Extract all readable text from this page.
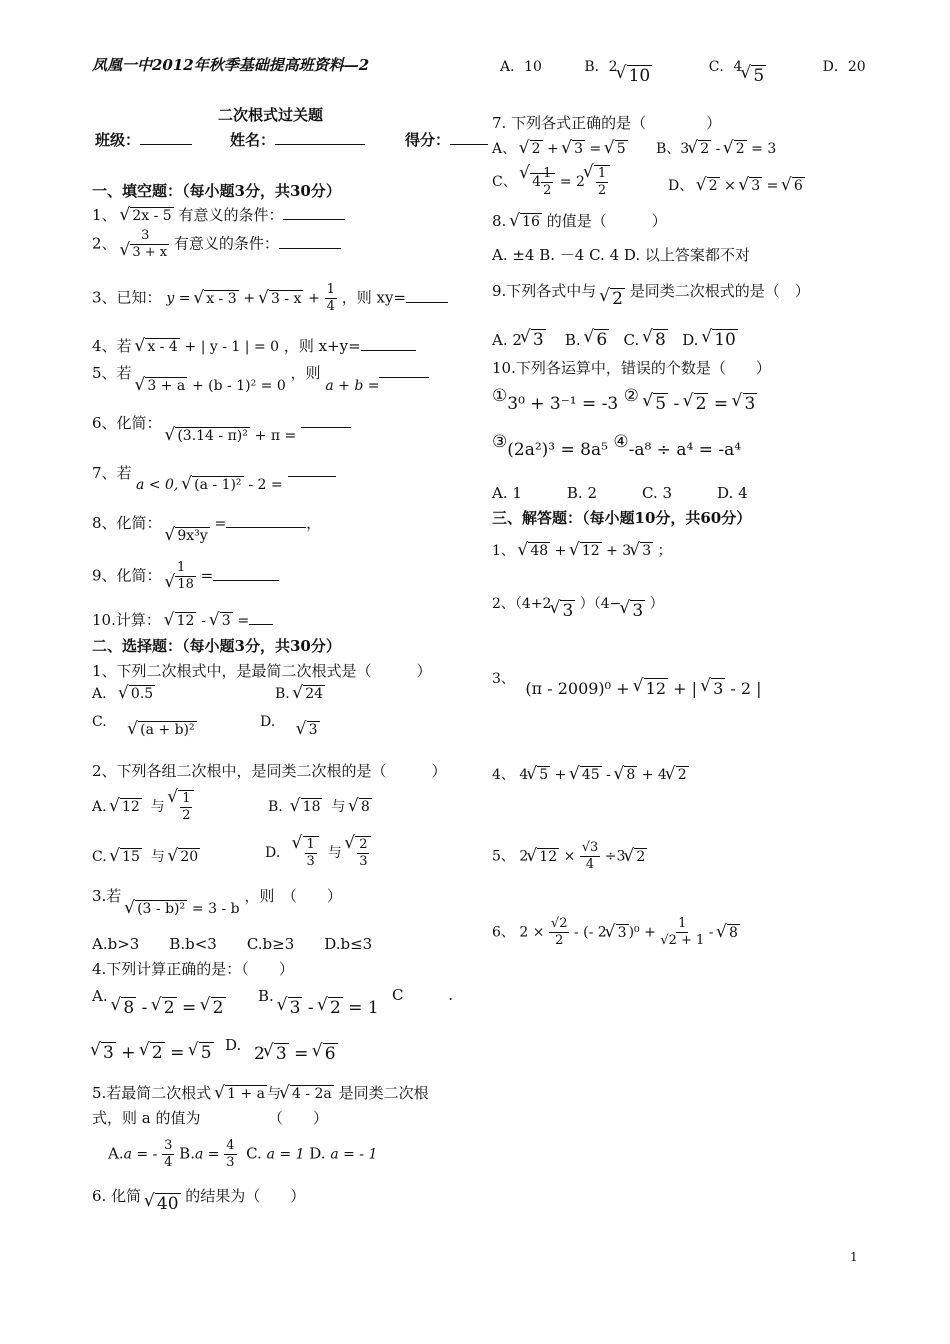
凤凰一中2012年秋季基础提高班资料—2
二次根式过关题
班级：	姓名：	得分：
一、填空题：（每小题3分，共30分）
1、 √ 2x - 5 有意义的条件：
2、 3
√ 3 + x 有意义的条件：
3、已知： y = √ x - 3 + √ $3 - x + \frac{1}{4}$ ，则 xy=
4、若 √ x - 4 + | y - 1 | = 0 ，则 x+y=
5、若 √ 3 + a + (b - 1)² = 0 ，则 a + b =
6、化简： √ (3.14 - π)² + π =
7、若

a < 0, √ (a - 1)² - 2 =
8、化简： √ 9x³y =	，
9、化简： 1
√ 18 =
10.计算： √ 12 - √ 3 =
二、选择题：（每小题3分，共30分）
1、下列二次根式中，是最简二次根式是（　　　）
A.   √ 0.5	B. √ 24
C. √ (a + b)²	D. √ 3
2、下列各组二次根中，是同类二次根的是（　　　）
A. √ 12 与
√ $\frac{1}{2}$	B.  √ 18 与 √ 8
C. √ 15 与 √ 20	D.
√ $\frac{1}{3}$ 与
√ $\frac{2}{3}$
3.若 √ (3 - b)² = 3 - b ，则　（　　）
A.b>3　　B.b<3　　C.b≥3　　D.b≤3
4.下列计算正确的是：（　　）
A. √ 8 - √ 2 = √ 2
B. √ 3 - √ 2 = 1
C	.
√ 3 + √ 2 = √ 5 D. 2√ 3 = √ 6
5.若最简二次根式 √ 1 + a 与√ 4 - 2a 是同类二次根
式，则 a 的值为　　　　　（　　）
A.a = - $\frac{3}{4} B.a = \frac{4}{3} C$. a = 1 D. a = - 1
6. 化简 √ 40 的结果为（　　）
A．10	B．2√ 10	C．4√ 5	D．20
7. 下列各式正确的是（　　　　）
A、 √ 2 + √ 3 = √ 5 B、3√ 2 - √ 2 = 3
C、 √ $4 \frac{1}{2} = 2$
√ $\frac{1}{2}$	D、 √ 2 × √ 3 = √ 6
8. √ 16 的值是（　　　）
A. ±4 B. －4 C. 4 D. 以上答案都不对
9.下列各式中与 √ 2 是同类二次根式的是（　）
A. 2√ 3 B. √ 6 C. √ 8 D. √ 10
10.下列各运算中，错误的个数是（　　）
①3⁰ + 3⁻¹ = -3 ② √ 5 - √ 2 = √ 3
③(2a²)³ = 8a⁵ ④-a⁸ ÷ a⁴ = -a⁴
A. 1　　　B. 2　　　C. 3　　　D. 4
三、解答题：（每小题10分，共60分）
1、 √ 48 + √ 12 + 3√ 3 ；
2、（4+2√ 3 ）（4−√ 3 ）
3、 (π - 2009)⁰ + √ 12 + | √ 3 - 2 |
4、 4√ 5 + √ 45 - √ 8 + 4√ 2
5、 2√ $12 \times \frac{√3}{4} \div 3√$ 2
6、 $2 \times \frac{√2}{2}$ - (- 2√ 3 )$^0 + \frac{1}{√2 + 1}$ - √ 8
1
